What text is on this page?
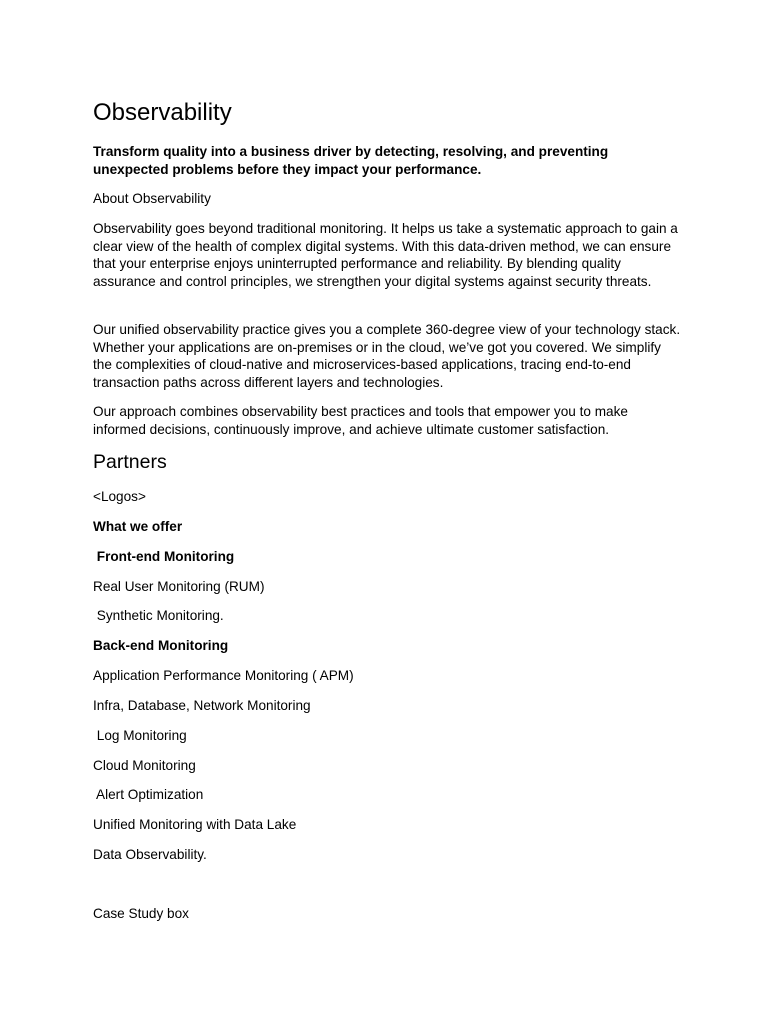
Observability

Transform quality into a business driver by detecting, resolving, and preventing unexpected problems before they impact your performance.

About Observability

Observability goes beyond traditional monitoring. It helps us take a systematic approach to gain a clear view of the health of complex digital systems. With this data-driven method, we can ensure that your enterprise enjoys uninterrupted performance and reliability. By blending quality assurance and control principles, we strengthen your digital systems against security threats.

Our unified observability practice gives you a complete 360-degree view of your technology stack. Whether your applications are on-premises or in the cloud, we’ve got you covered. We simplify the complexities of cloud-native and microservices-based applications, tracing end-to-end transaction paths across different layers and technologies.

Our approach combines observability best practices and tools that empower you to make informed decisions, continuously improve, and achieve ultimate customer satisfaction.

Partners

<Logos>

What we offer

Front-end Monitoring

Real User Monitoring (RUM)

Synthetic Monitoring.

Back-end Monitoring

Application Performance Monitoring ( APM)

Infra, Database, Network Monitoring

Log Monitoring

Cloud Monitoring

Alert Optimization

Unified Monitoring with Data Lake

Data Observability.

Case Study box
